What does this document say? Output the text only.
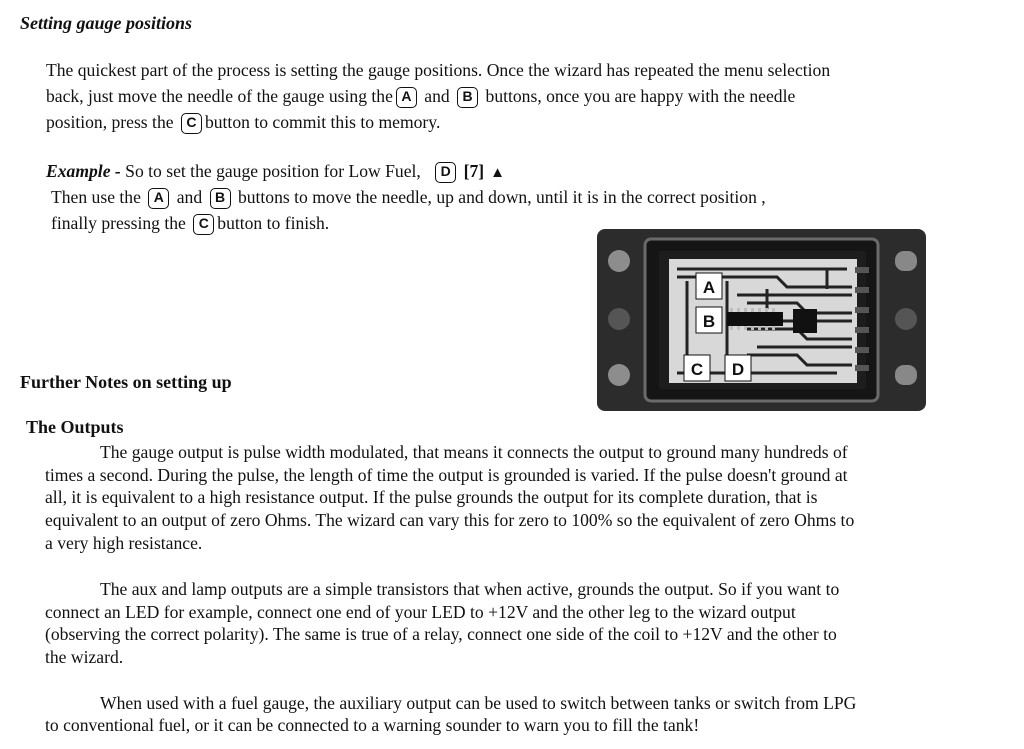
Setting gauge positions
The quickest part of the process is setting the gauge positions. Once the wizard has repeated the menu selection
back, just move the needle of the gauge using the A and B buttons, once you are happy with the needle
position, press the C button to commit this to memory.
Example - So to set the gauge position for Low Fuel, D [7] ▲
Then use the A and B buttons to move the needle, up and down, until it is in the correct position ,
finally pressing the C button to finish.
A
B
C D
Further Notes on setting up
The Outputs
The gauge output is pulse width modulated, that means it connects the output to ground many hundreds of
times a second. During the pulse, the length of time the output is grounded is varied. If the pulse doesn't ground at
all, it is equivalent to a high resistance output. If the pulse grounds the output for its complete duration, that is
equivalent to an output of zero Ohms. The wizard can vary this for zero to 100% so the equivalent of zero Ohms to
a very high resistance.
The aux and lamp outputs are a simple transistors that when active, grounds the output. So if you want to
connect an LED for example, connect one end of your LED to +12V and the other leg to the wizard output
(observing the correct polarity). The same is true of a relay, connect one side of the coil to +12V and the other to
the wizard.
When used with a fuel gauge, the auxiliary output can be used to switch between tanks or switch from LPG
to conventional fuel, or it can be connected to a warning sounder to warn you to fill the tank!
